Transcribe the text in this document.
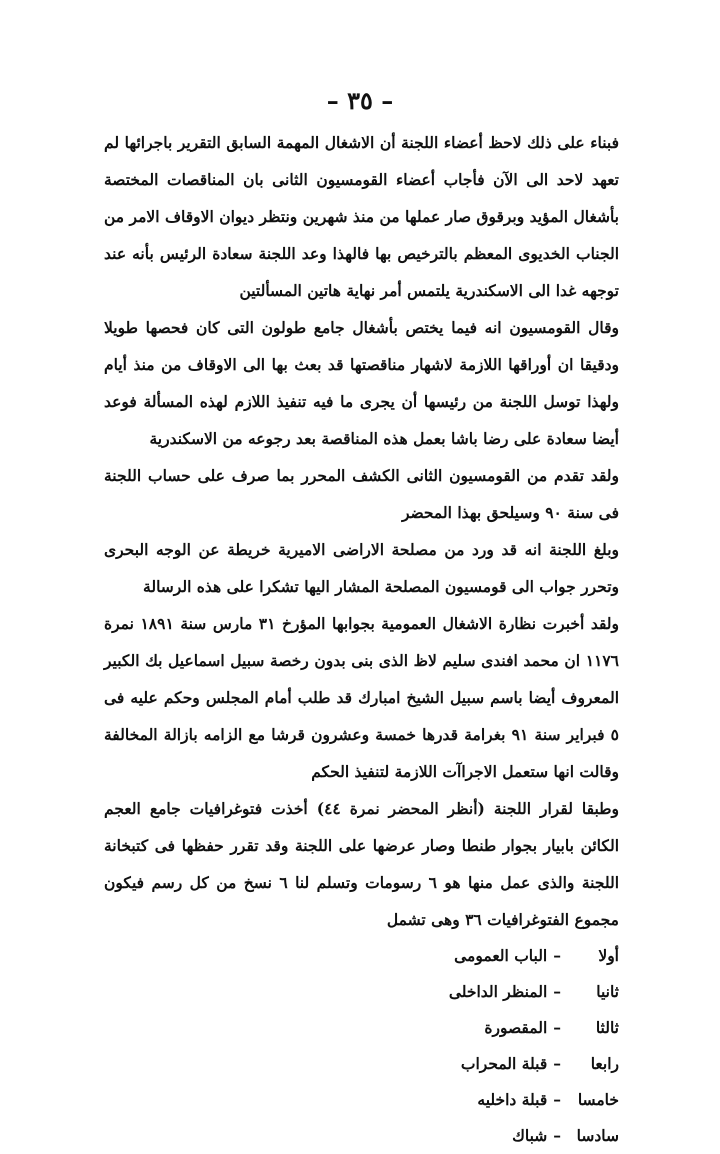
– ٣٥ –

فبناء على ذلك لاحظ أعضاء اللجنة أن الاشغال المهمة السابق التقرير باجرائها لم تعهد لاحد الى الآن فأجاب أعضاء القومسيون الثانى بان المناقصات المختصة بأشغال المؤيد وبرقوق صار عملها من منذ شهرين ونتظر ديوان الاوقاف الامر من الجناب الخديوى المعظم بالترخيص بها فالهذا وعد اللجنة سعادة الرئيس بأنه عند توجهه غدا الى الاسكندرية يلتمس أمر نهاية هاتين المسألتين

وقال القومسيون انه فيما يختص بأشغال جامع طولون التى كان فحصها طويلا ودقيقا ان أوراقها اللازمة لاشهار مناقصتها قد بعث بها الى الاوقاف من منذ أيام ولهذا توسل اللجنة من رئيسها أن يجرى ما فيه تنفيذ اللازم لهذه المسألة فوعد أيضا سعادة على رضا باشا بعمل هذه المناقصة بعد رجوعه من الاسكندرية

ولقد تقدم من القومسيون الثانى الكشف المحرر بما صرف على حساب اللجنة فى سنة ٩٠ وسيلحق بهذا المحضر

وبلغ اللجنة انه قد ورد من مصلحة الاراضى الاميرية خريطة عن الوجه البحرى وتحرر جواب الى قومسيون المصلحة المشار اليها تشكرا على هذه الرسالة

ولقد أخبرت نظارة الاشغال العمومية بجوابها المؤرخ ٣١ مارس سنة ١٨٩١ نمرة ١١٧٦ ان محمد افندى سليم لاظ الذى بنى بدون رخصة سبيل اسماعيل بك الكبير المعروف أيضا باسم سبيل الشيخ امبارك قد طلب أمام المجلس وحكم عليه فى ٥ فبراير سنة ٩١ بغرامة قدرها خمسة وعشرون قرشا مع الزامه بازالة المخالفة وقالت انها ستعمل الاجراآت اللازمة لتنفيذ الحكم

وطبقا لقرار اللجنة (أنظر المحضر نمرة ٤٤) أخذت فتوغرافيات جامع العجم الكائن بابيار بجوار طنطا وصار عرضها على اللجنة وقد تقرر حفظها فى كتبخانة اللجنة والذى عمل منها هو ٦ رسومات وتسلم لنا ٦ نسخ من كل رسم فيكون مجموع الفتوغرافيات ٣٦ وهى تشمل

أولا
–
الباب العمومى
ثانيا
–
المنظر الداخلى
ثالثا
–
المقصورة
رابعا
–
قبلة المحراب
خامسا
–
قبلة داخليه
سادسا
–
شباك
